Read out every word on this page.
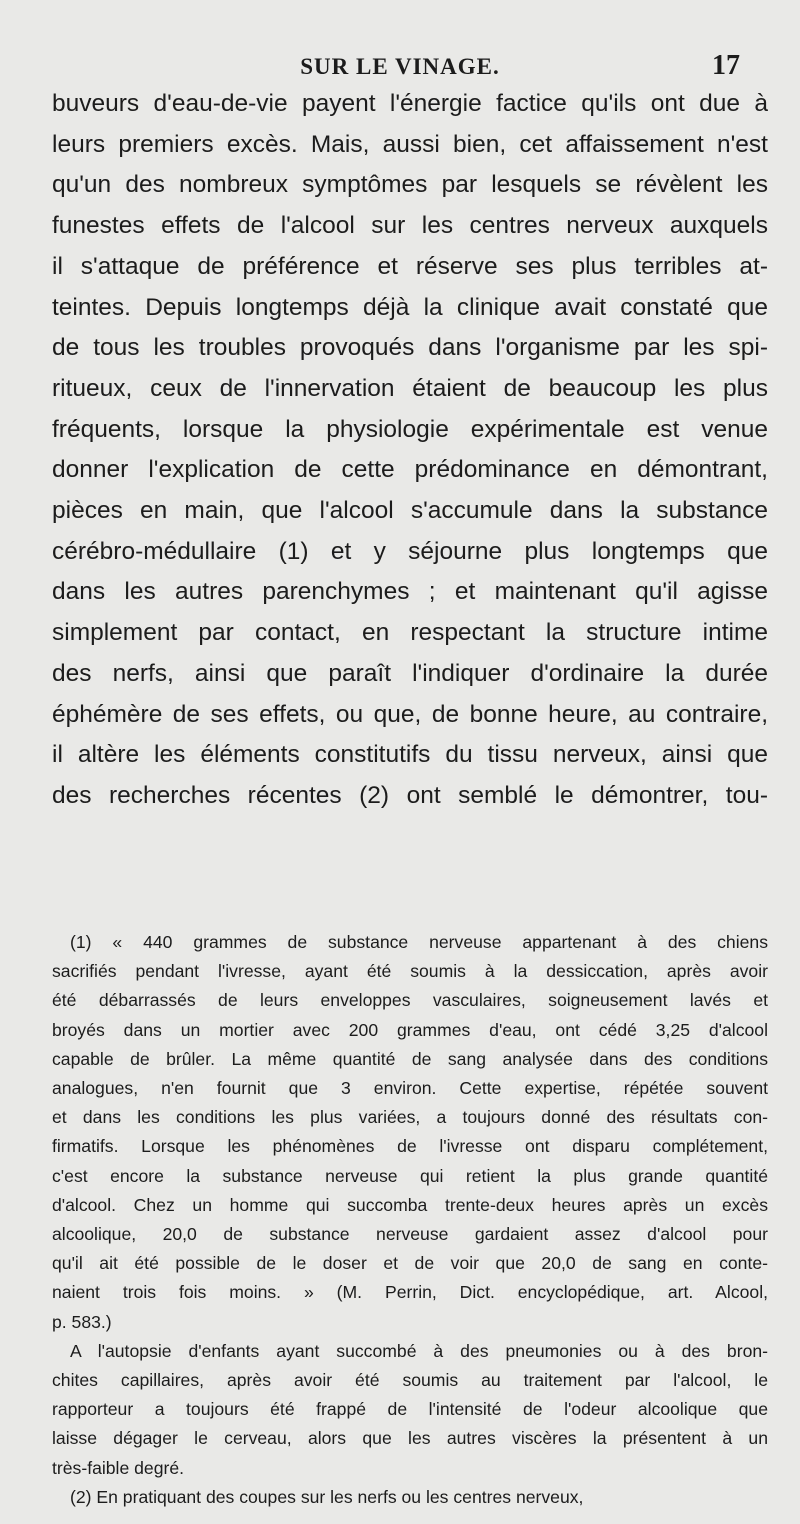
SUR LE VINAGE.	17
buveurs d'eau-de-vie payent l'énergie factice qu'ils ont due à
leurs premiers excès. Mais, aussi bien, cet affaissement n'est
qu'un des nombreux symptômes par lesquels se révèlent les
funestes effets de l'alcool sur les centres nerveux auxquels
il s'attaque de préférence et réserve ses plus terribles at-
teintes. Depuis longtemps déjà la clinique avait constaté que
de tous les troubles provoqués dans l'organisme par les spi-
ritueux, ceux de l'innervation étaient de beaucoup les plus
fréquents, lorsque la physiologie expérimentale est venue
donner l'explication de cette prédominance en démontrant,
pièces en main, que l'alcool s'accumule dans la substance
cérébro-médullaire (1) et y séjourne plus longtemps que
dans les autres parenchymes ; et maintenant qu'il agisse
simplement par contact, en respectant la structure intime
des nerfs, ainsi que paraît l'indiquer d'ordinaire la durée
éphémère de ses effets, ou que, de bonne heure, au contraire,
il altère les éléments constitutifs du tissu nerveux, ainsi que
des recherches récentes (2) ont semblé le démontrer, tou-
(1) « 440 grammes de substance nerveuse appartenant à des chiens
sacrifiés pendant l'ivresse, ayant été soumis à la dessiccation, après avoir
été débarrassés de leurs enveloppes vasculaires, soigneusement lavés et
broyés dans un mortier avec 200 grammes d'eau, ont cédé 3,25 d'alcool
capable de brûler. La même quantité de sang analysée dans des conditions
analogues, n'en fournit que 3 environ. Cette expertise, répétée souvent
et dans les conditions les plus variées, a toujours donné des résultats con-
firmatifs. Lorsque les phénomènes de l'ivresse ont disparu complétement,
c'est encore la substance nerveuse qui retient la plus grande quantité
d'alcool. Chez un homme qui succomba trente-deux heures après un excès
alcoolique, 20,0 de substance nerveuse gardaient assez d'alcool pour
qu'il ait été possible de le doser et de voir que 20,0 de sang en conte-
naient trois fois moins. » (M. Perrin, Dict. encyclopédique, art. Alcool,
p. 583.)
A l'autopsie d'enfants ayant succombé à des pneumonies ou à des bron-
chites capillaires, après avoir été soumis au traitement par l'alcool, le
rapporteur a toujours été frappé de l'intensité de l'odeur alcoolique que
laisse dégager le cerveau, alors que les autres viscères la présentent à un
très-faible degré.
(2) En pratiquant des coupes sur les nerfs ou les centres nerveux,
